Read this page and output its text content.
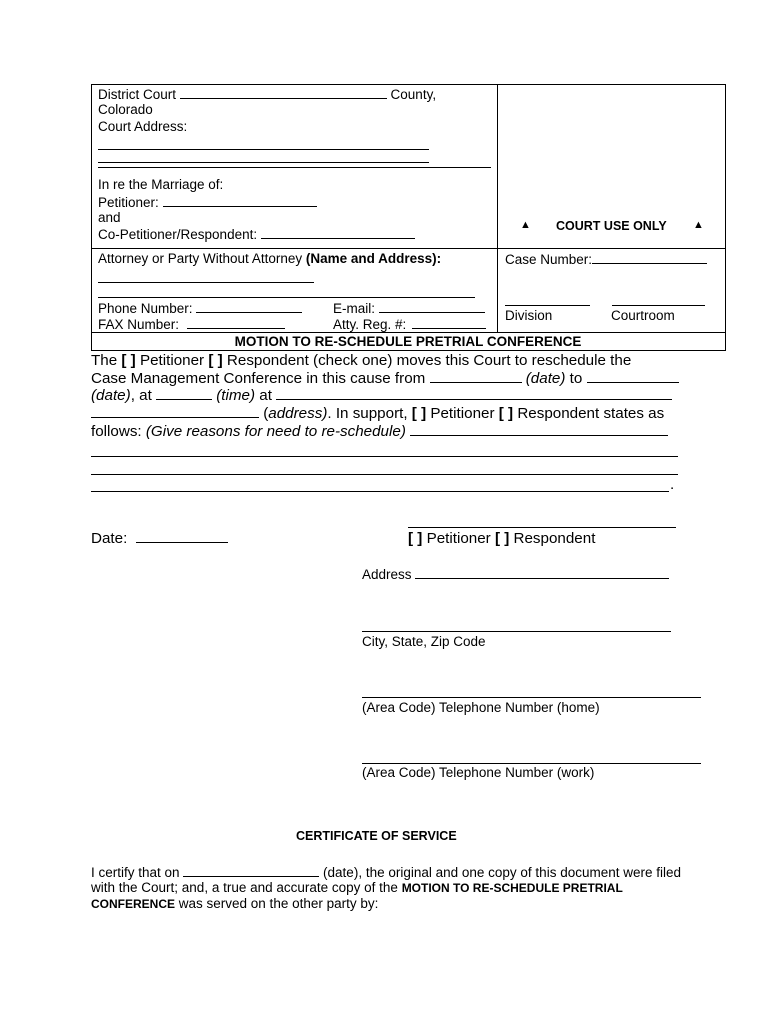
District Court	County,
Colorado
Court Address:
In re the Marriage of:
Petitioner:
and
Co-Petitioner/Respondent:
▲ COURT USE ONLY ▲
Attorney or Party Without Attorney (Name and Address):
Phone Number:	E-mail:
FAX Number:	Atty. Reg. #:
Case Number:
Division	Courtroom
MOTION TO RE-SCHEDULE PRETRIAL CONFERENCE
The [ ] Petitioner [ ] Respondent (check one) moves this Court to reschedule the
Case Management Conference in this cause from	(date) to
(date), at	(time) at
(address). In support, [ ] Petitioner [ ] Respondent states as
follows: (Give reasons for need to re-schedule)
.
Date:	[ ] Petitioner [ ] Respondent
Address
City, State, Zip Code
(Area Code) Telephone Number (home)
(Area Code) Telephone Number (work)
CERTIFICATE OF SERVICE
I certify that on	(date), the original and one copy of this document were filed
with the Court; and, a true and accurate copy of the MOTION TO RE-SCHEDULE PRETRIAL
CONFERENCE was served on the other party by:
